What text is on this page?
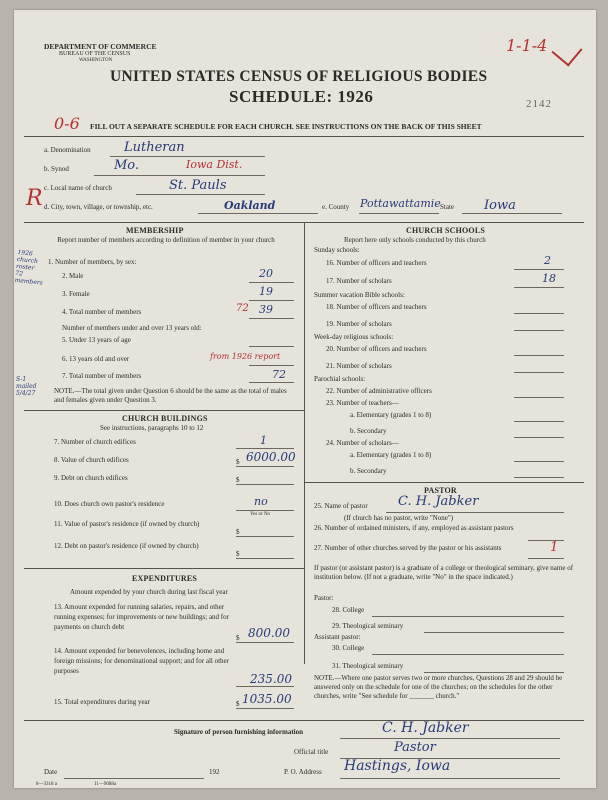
DEPARTMENT OF COMMERCE
BUREAU OF THE CENSUS
WASHINGTON
UNITED STATES CENSUS OF RELIGIOUS BODIES
SCHEDULE: 1926
1-1-4
2142
0-6
R
FILL OUT A SEPARATE SCHEDULE FOR EACH CHURCH. SEE INSTRUCTIONS ON THE BACK OF THIS SHEET
a. Denomination	Lutheran
b. Synod	Mo.	Iowa Dist.
c. Local name of church	St. Pauls
d. City, town, village, or township, etc.	Oakland	e. County Pottawattamie State Iowa
MEMBERSHIP
Report number of members according to definition of member in your church
1926 church roster 72 members
1. Number of members, by sex:
2. Male	20
3. Female	19
4. Total number of members	39
72
Number of members under and over 13 years old:
5. Under 13 years of age
6. 13 years old and over	from 1926 report
7. Total number of members	72
S-1 mailed 5/4/27	NOTE.—The total given under Question 6 should be the same as the total of males and females given under Question 3.
CHURCH BUILDINGS
See instructions, paragraphs 10 to 12
7. Number of church edifices	1
8. Value of church edifices	$ 6000.00
9. Debt on church edifices	$
10. Does church own pastor's residence	no
Yes or No
11. Value of pastor's residence (if owned by church)
$
12. Debt on pastor's residence (if owned by church)
$
EXPENDITURES
Amount expended by your church during last fiscal year
13. Amount expended for running salaries, repairs, and other running expenses; for improvements or new buildings; and for payments on church debt
$ 800.00
14. Amount expended for benevolences, including home and foreign missions; for denominational support; and for all other purposes
235.00
15. Total expenditures during year	$ 1035.00
CHURCH SCHOOLS
Report here only schools conducted by this church
Sunday schools:
16. Number of officers and teachers	2
17. Number of scholars	18
Summer vacation Bible schools:
18. Number of officers and teachers
19. Number of scholars
Week-day religious schools:
20. Number of officers and teachers
21. Number of scholars
Parochial schools:
22. Number of administrative officers
23. Number of teachers—
a. Elementary (grades 1 to 8)
b. Secondary
24. Number of scholars—
a. Elementary (grades 1 to 8)
b. Secondary
PASTOR
25. Name of pastor C. H. Jabker
(If church has no pastor, write "None")
26. Number of ordained ministers, if any, employed as assistant pastors
27. Number of other churches served by the pastor or his assistants	1
If pastor (or assistant pastor) is a graduate of a college or theological seminary, give name of institution below. (If not a graduate, write "No" in the space indicated.)
Pastor:
28. College
29. Theological seminary
Assistant pastor:
30. College
31. Theological seminary
NOTE.—Where one pastor serves two or more churches, Questions 28 and 29 should be answered only on the schedule for one of the churches; on the schedules for the other churches, write "See schedule for _______ church."
Signature of person furnishing information	C. H. Jabker
Official title	Pastor
Date	192	P. O. Address Hastings, Iowa
8—3318 a	11—9088a
